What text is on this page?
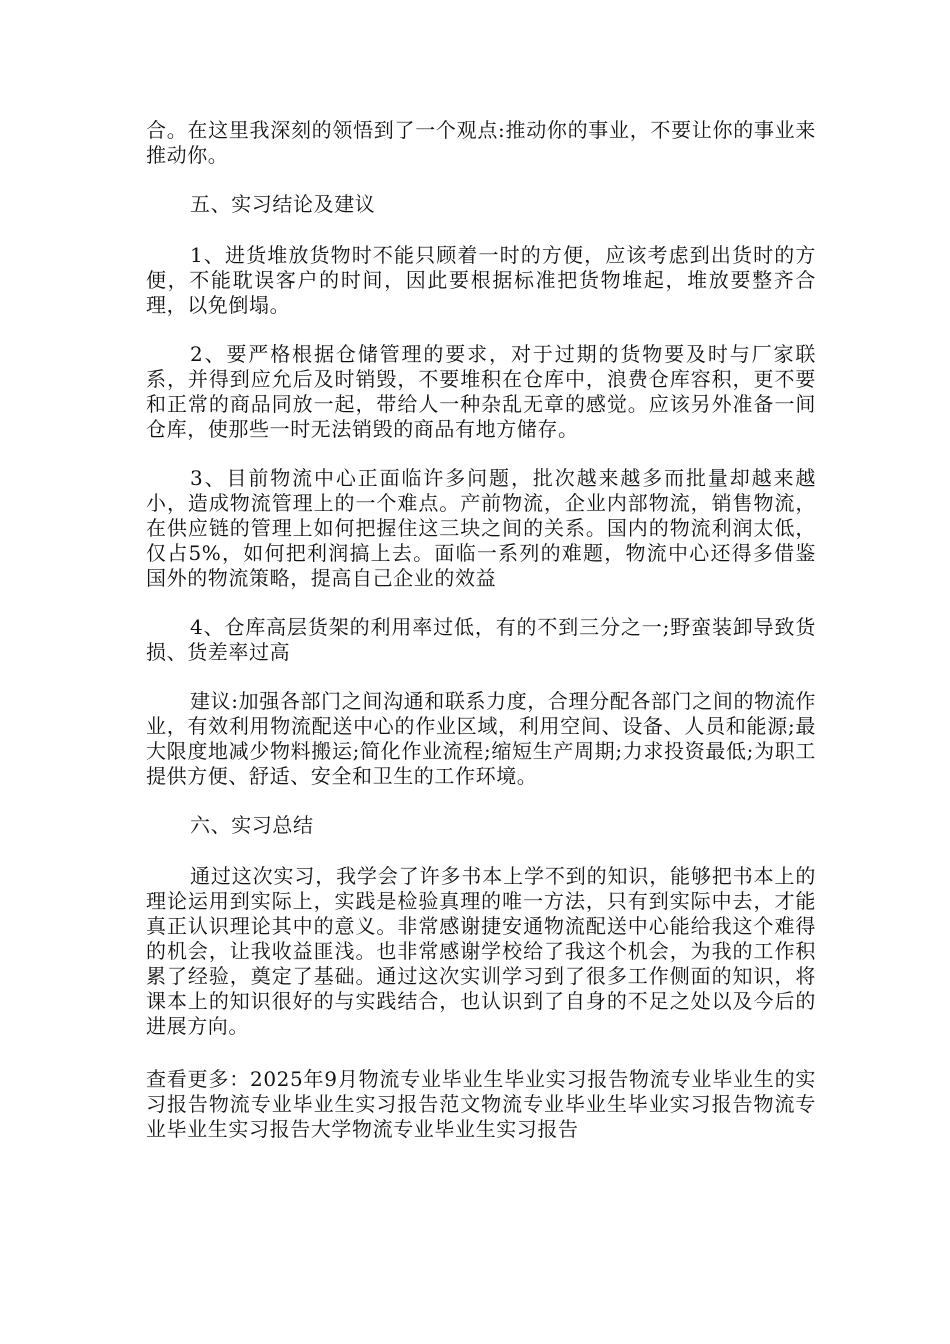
合。在这里我深刻的领悟到了一个观点:推动你的事业，不要让你的事业来推动你。

五、实习结论及建议

1、进货堆放货物时不能只顾着一时的方便，应该考虑到出货时的方便，不能耽误客户的时间，因此要根据标准把货物堆起，堆放要整齐合理，以免倒塌。

2、要严格根据仓储管理的要求，对于过期的货物要及时与厂家联系，并得到应允后及时销毁，不要堆积在仓库中，浪费仓库容积，更不要和正常的商品同放一起，带给人一种杂乱无章的感觉。应该另外准备一间仓库，使那些一时无法销毁的商品有地方储存。

3、目前物流中心正面临许多问题，批次越来越多而批量却越来越小，造成物流管理上的一个难点。产前物流，企业内部物流，销售物流，在供应链的管理上如何把握住这三块之间的关系。国内的物流利润太低，仅占5%，如何把利润搞上去。面临一系列的难题，物流中心还得多借鉴国外的物流策略，提高自己企业的效益

4、仓库高层货架的利用率过低，有的不到三分之一;野蛮装卸导致货损、货差率过高

建议:加强各部门之间沟通和联系力度，合理分配各部门之间的物流作业，有效利用物流配送中心的作业区域，利用空间、设备、人员和能源;最大限度地减少物料搬运;简化作业流程;缩短生产周期;力求投资最低;为职工提供方便、舒适、安全和卫生的工作环境。

六、实习总结

通过这次实习，我学会了许多书本上学不到的知识，能够把书本上的理论运用到实际上，实践是检验真理的唯一方法，只有到实际中去，才能真正认识理论其中的意义。非常感谢捷安通物流配送中心能给我这个难得的机会，让我收益匪浅。也非常感谢学校给了我这个机会，为我的工作积累了经验，奠定了基础。通过这次实训学习到了很多工作侧面的知识，将课本上的知识很好的与实践结合，也认识到了自身的不足之处以及今后的进展方向。

查看更多：2025年9月物流专业毕业生毕业实习报告物流专业毕业生的实习报告物流专业毕业生实习报告范文物流专业毕业生毕业实习报告物流专业毕业生实习报告大学物流专业毕业生实习报告
